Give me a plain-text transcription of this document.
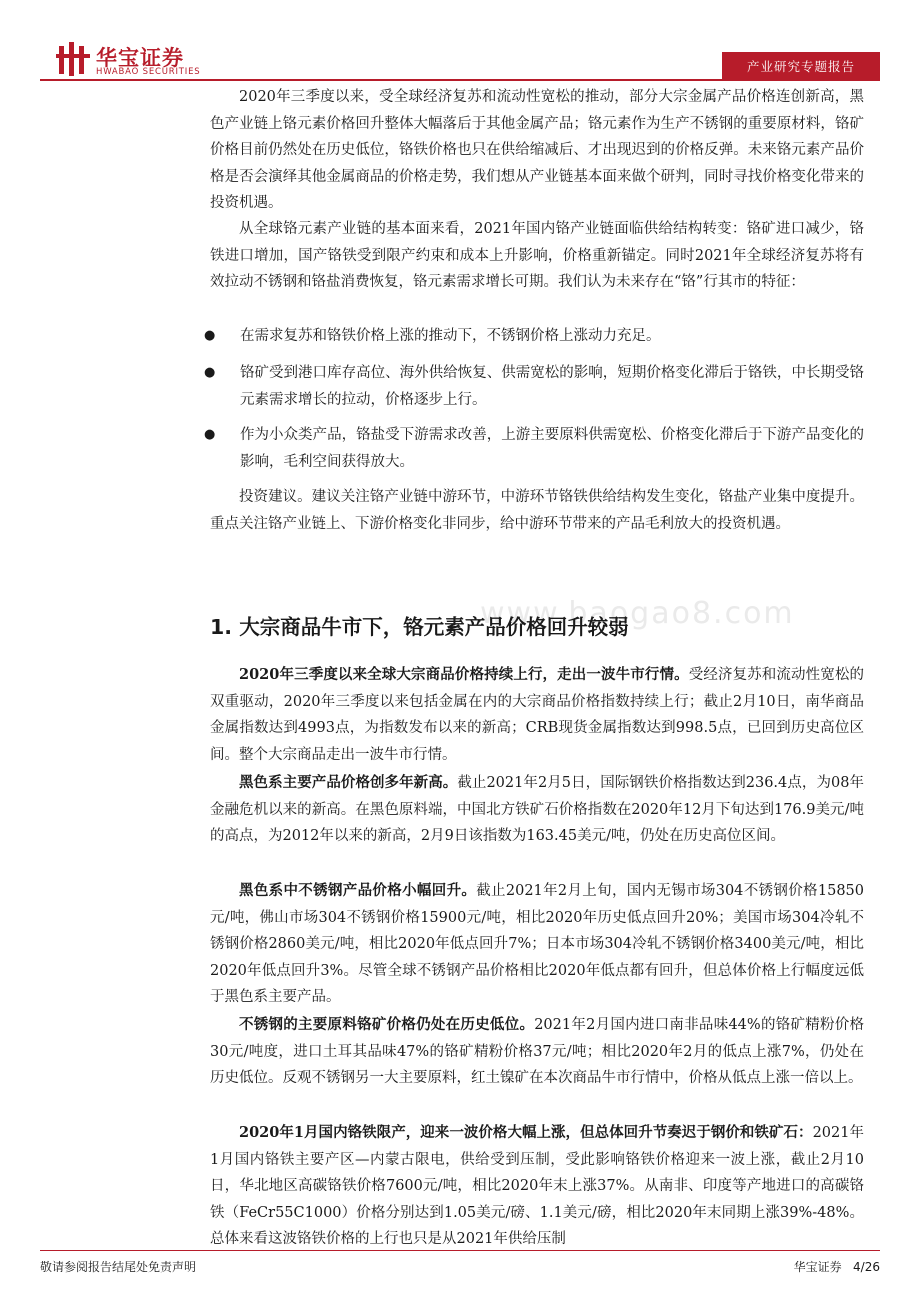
华宝证券
HWABAO SECURITIES	产业研究专题报告

2020年三季度以来，受全球经济复苏和流动性宽松的推动，部分大宗金属产品价格连创新高，黑色产业链上铬元素价格回升整体大幅落后于其他金属产品；铬元素作为生产不锈钢的重要原材料，铬矿价格目前仍然处在历史低位，铬铁价格也只在供给缩减后、才出现迟到的价格反弹。未来铬元素产品价格是否会演绎其他金属商品的价格走势，我们想从产业链基本面来做个研判，同时寻找价格变化带来的投资机遇。

从全球铬元素产业链的基本面来看，2021年国内铬产业链面临供给结构转变：铬矿进口减少，铬铁进口增加，国产铬铁受到限产约束和成本上升影响，价格重新锚定。同时2021年全球经济复苏将有效拉动不锈钢和铬盐消费恢复，铬元素需求增长可期。我们认为未来存在“铬”行其市的特征：

● 在需求复苏和铬铁价格上涨的推动下，不锈钢价格上涨动力充足。
● 铬矿受到港口库存高位、海外供给恢复、供需宽松的影响，短期价格变化滞后于铬铁，中长期受铬元素需求增长的拉动，价格逐步上行。
● 作为小众类产品，铬盐受下游需求改善，上游主要原料供需宽松、价格变化滞后于下游产品变化的影响，毛利空间获得放大。

投资建议。建议关注铬产业链中游环节，中游环节铬铁供给结构发生变化，铬盐产业集中度提升。重点关注铬产业链上、下游价格变化非同步，给中游环节带来的产品毛利放大的投资机遇。

www.baogao8.com
1. 大宗商品牛市下，铬元素产品价格回升较弱

2020年三季度以来全球大宗商品价格持续上行，走出一波牛市行情。受经济复苏和流动性宽松的双重驱动，2020年三季度以来包括金属在内的大宗商品价格指数持续上行；截止2月10日，南华商品金属指数达到4993点，为指数发布以来的新高；CRB现货金属指数达到998.5点，已回到历史高位区间。整个大宗商品走出一波牛市行情。

黑色系主要产品价格创多年新高。截止2021年2月5日，国际钢铁价格指数达到236.4点，为08年金融危机以来的新高。在黑色原料端，中国北方铁矿石价格指数在2020年12月下旬达到176.9美元/吨的高点，为2012年以来的新高，2月9日该指数为163.45美元/吨，仍处在历史高位区间。

黑色系中不锈钢产品价格小幅回升。截止2021年2月上旬，国内无锡市场304不锈钢价格15850元/吨，佛山市场304不锈钢价格15900元/吨，相比2020年历史低点回升20%；美国市场304冷轧不锈钢价格2860美元/吨，相比2020年低点回升7%；日本市场304冷轧不锈钢价格3400美元/吨，相比2020年低点回升3%。尽管全球不锈钢产品价格相比2020年低点都有回升，但总体价格上行幅度远低于黑色系主要产品。

不锈钢的主要原料铬矿价格仍处在历史低位。2021年2月国内进口南非品味44%的铬矿精粉价格30元/吨度，进口土耳其品味47%的铬矿精粉价格37元/吨；相比2020年2月的低点上涨7%，仍处在历史低位。反观不锈钢另一大主要原料，红土镍矿在本次商品牛市行情中，价格从低点上涨一倍以上。

2020年1月国内铬铁限产，迎来一波价格大幅上涨，但总体回升节奏迟于钢价和铁矿石：2021年1月国内铬铁主要产区—内蒙古限电，供给受到压制，受此影响铬铁价格迎来一波上涨，截止2月10日，华北地区高碳铬铁价格7600元/吨，相比2020年末上涨37%。从南非、印度等产地进口的高碳铬铁（FeCr55C1000）价格分别达到1.05美元/磅、1.1美元/磅，相比2020年末同期上涨39%-48%。总体来看这波铬铁价格的上行也只是从2021年供给压制

敬请参阅报告结尾处免责声明	华宝证券 4/26
